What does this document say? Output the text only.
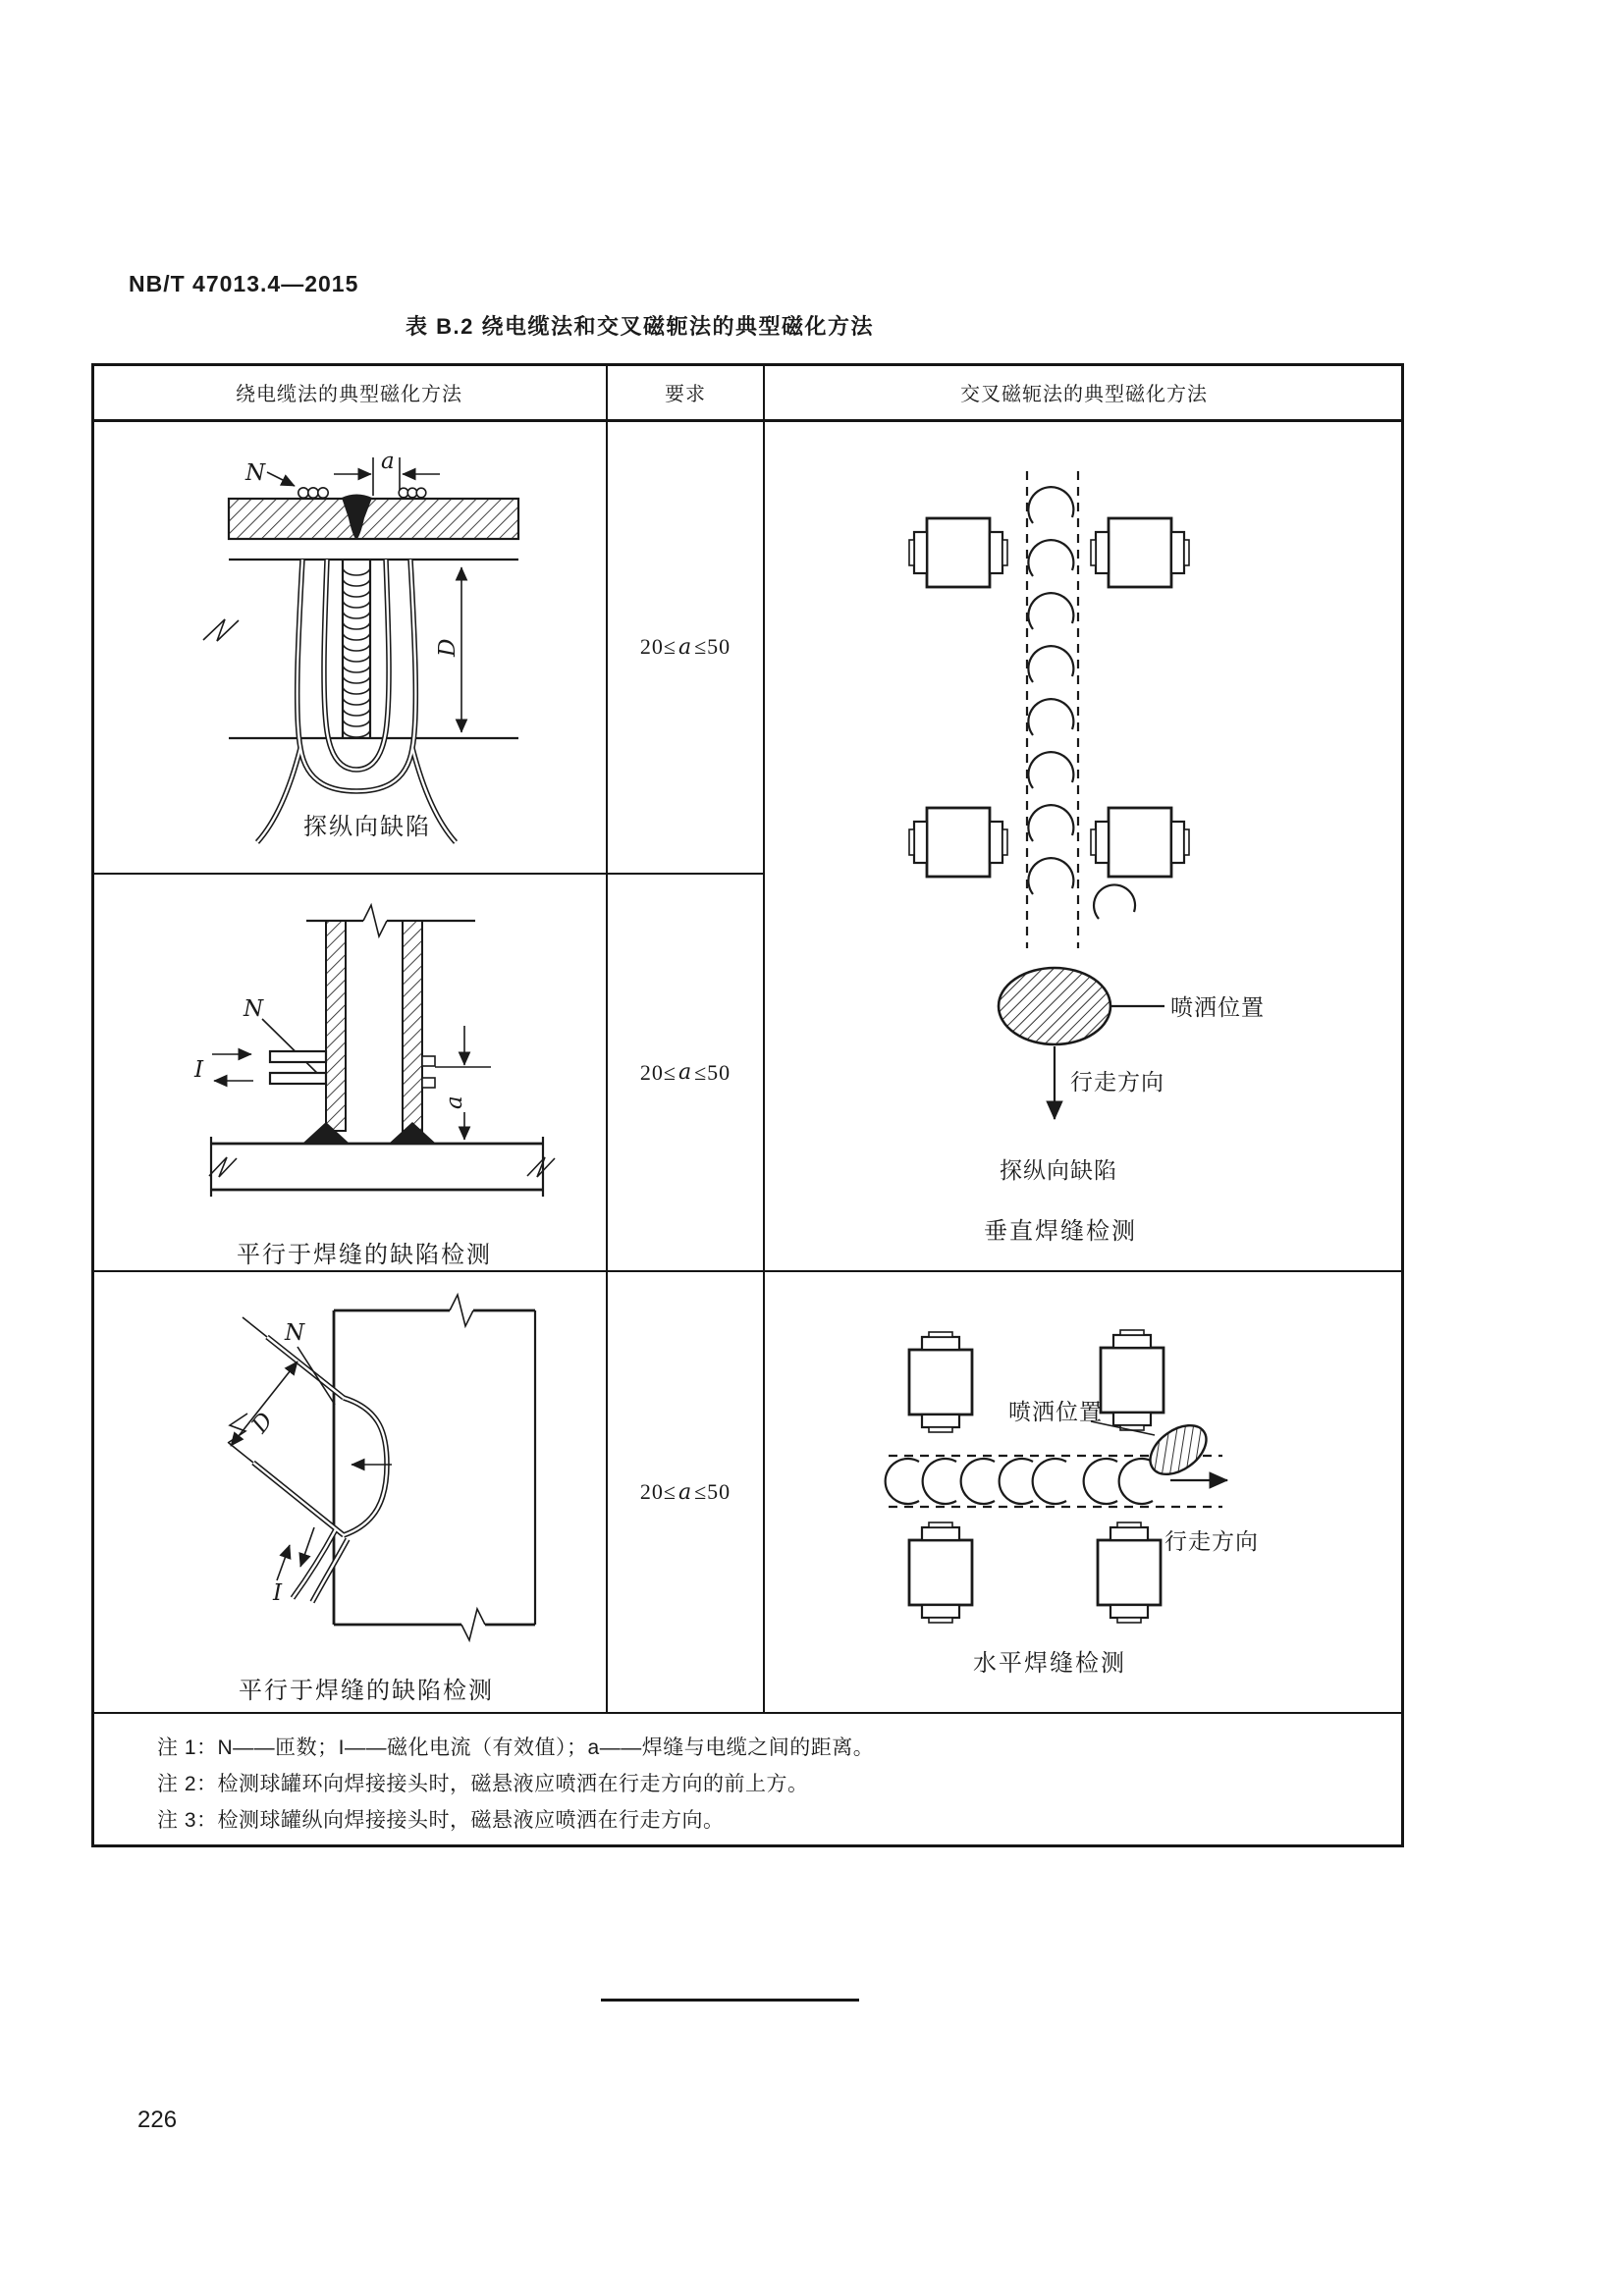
NB/T 47013.4—2015
表 B.2 绕电缆法和交叉磁轭法的典型磁化方法
226
绕电缆法的典型磁化方法	要求	交叉磁轭法的典型磁化方法
20≤ a ≤50
20≤ a ≤50
20≤ a ≤50
a
N
D
探纵向缺陷
N
I
a
平行于焊缝的缺陷检测
D
N
I
平行于焊缝的缺陷检测
喷洒位置
行走方向
探纵向缺陷
垂直焊缝检测
喷洒位置
行走方向
水平焊缝检测
注 1：N——匝数；I——磁化电流（有效值）；a——焊缝与电缆之间的距离。
注 2：检测球罐环向焊接接头时，磁悬液应喷洒在行走方向的前上方。
注 3：检测球罐纵向焊接接头时，磁悬液应喷洒在行走方向。
